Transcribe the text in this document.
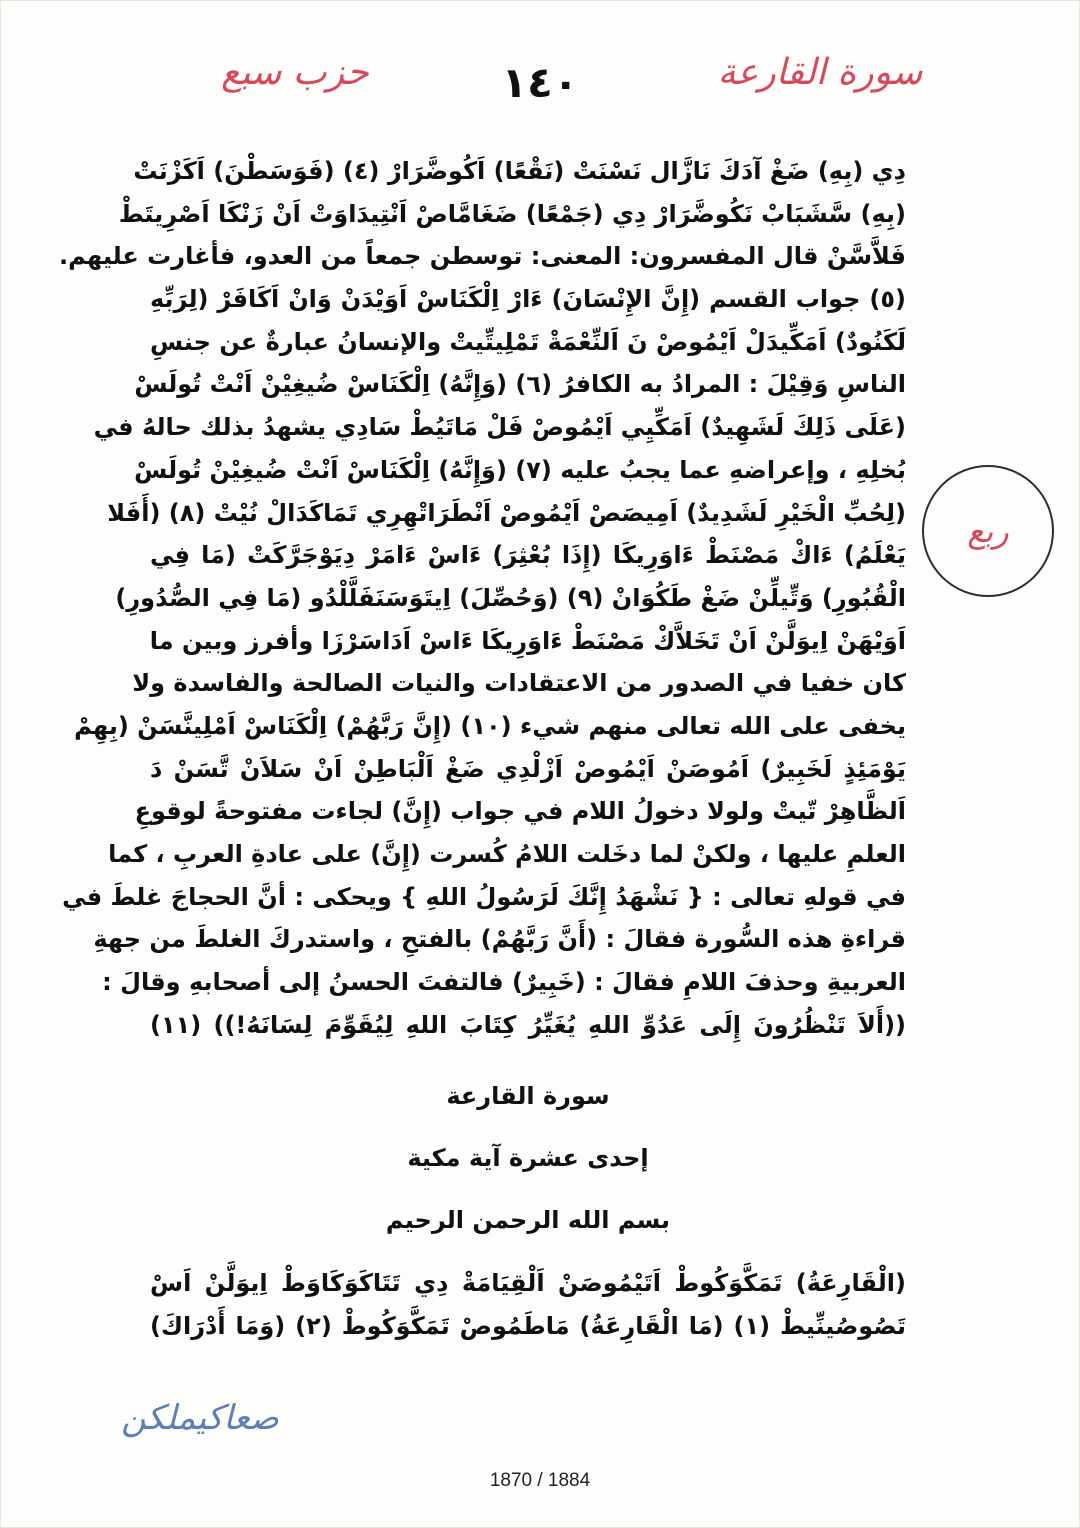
حزب سبع	١٤٠	سورة القارعة
ربع
دِي (بِهِ) ضَغْ آدَكَ نَازَّال نَسْنَتْ (نَقْعًا) اَكُوضَّرَارْ (٤) (فَوَسَطْنَ) اَكَزْنَتْ
(بِهِ) سَّشَبَابْ نَكُوضَّرَارْ دِي (جَمْعًا) ضَغَامَّاصْ اَنْتِيدَاوَتْ اَنْ زَنْكَا اَصْرِيتَطْ
فَلاَّسَّنْ قال المفسرون: المعنى: توسطن جمعاً من العدو، فأغارت عليهم.
(٥) جواب القسم (إِنَّ الإِنْسَانَ) ءَارْ اِلْكَنَاسْ اَوَيْدَنْ وَانْ اَكَافَرْ (لِرَبِّهِ
لَكَنُودٌ) اَمَكِّيدَلْ اَيْمُوصْ نَ اَلنِّعْمَةْ تَمْلِيتِّيتْ والإنسانُ عبارةٌ عن جنسِ
الناسِ وَقِيْلَ : المرادُ به الكافرُ (٦) (وَإِنَّهُ) اِلْكَنَاسْ ضُيغِيْنْ اَنْتْ تُولَسْ
(عَلَى ذَلِكَ لَشَهِيدٌ) اَمَكِّيِي اَيْمُوصْ فَلْ مَاتَيُطْ سَادِي يشهدُ بذلك حالهُ في
بُخلِهِ ، وإعراضهِ عما يجبُ عليه (٧) (وَإِنَّهُ) اِلْكَنَاسْ اَنْتْ ضُيغِيْنْ تُولَسْ
(لِحُبِّ الْخَيْرِ لَشَدِيدٌ) اَمِيصَصْ اَيْمُوصْ اَنْطَرَاتْهِرِي تَمَاكَدَالْ نُيْتْ (٨) (أَفَلا
يَعْلَمُ) ءَاكْ مَصْنَطْ ءَاوَرِيكَا (إِذَا بُعْثِرَ) ءَاسْ ءَامَرْ دِيَوْجَرَّكَتْ (مَا فِي
الْقُبُورِ) وَتِّيلِّنْ ضَغْ طَكُوَانْ (٩) (وَحُصِّلَ) اِيتَوَسَنَفَلَّلْدُو (مَا فِي الصُّدُورِ)
اَوَيْهَنْ اِيوَلَّنْ اَنْ تَخَلاَّكْ مَصْنَطْ ءَاوَرِيكَا ءَاسْ اَدَاسَرْزَا وأفرز وبين ما
كان خفيا في الصدور من الاعتقادات والنيات الصالحة والفاسدة ولا
يخفى على الله تعالى منهم شيء (١٠) (إِنَّ رَبَّهُمْ) اِلْكَنَاسْ اَمْلِينَّسَنْ (بِهِمْ
يَوْمَئِذٍ لَخَبِيرٌ) اَمُوصَنْ اَيْمُوصْ اَزْلْدِي ضَغْ اَلْبَاطِنْ اَنْ سَلاَنْ تَّسَنْ دَ
اَلظَّاهِرْ تّيتْ ولولا دخولُ اللام في جواب (إِنَّ) لجاءت مفتوحةً لوقوعِ
العلمِ عليها ، ولكنْ لما دخَلت اللامُ كُسرت (إِنَّ) على عادةِ العربِ ، كما
في قولهِ تعالى : { نَشْهَدُ إِنَّكَ لَرَسُولُ اللهِ } ويحكى : أنَّ الحجاجَ غلطَ في
قراءةِ هذه السُّورة فقالَ : (أَنَّ رَبَّهُمْ) بالفتحِ ، واستدركَ الغلطَ من جهةِ
العربيةِ وحذفَ اللامِ فقالَ : (خَبِيرٌ) فالتفتَ الحسنُ إلى أصحابهِ وقالَ :
((أَلاَ تَنْظُرُونَ إِلَى عَدُوِّ اللهِ يُغَيِّرُ كِتَابَ اللهِ لِيُقَوِّمَ لِسَانَهُ!)) (١١)
سورة القارعة
إحدى عشرة آية مكية
بسم الله الرحمن الرحيم
(الْقَارِعَةُ) تَمَكَّوَكُوطْ اَتَيْمُوصَنْ اَلْقِيَامَةْ دِي تَتَاكَوَكَاوَطْ اِيوَلَّنْ اَسْ
تَصُوصُينِّيطْ (١) (مَا الْقَارِعَةُ) مَاطَمُوصْ تَمَكَّوَكُوطْ (٢) (وَمَا أَدْرَاكَ)
صعاكيملكن
1870 / 1884
